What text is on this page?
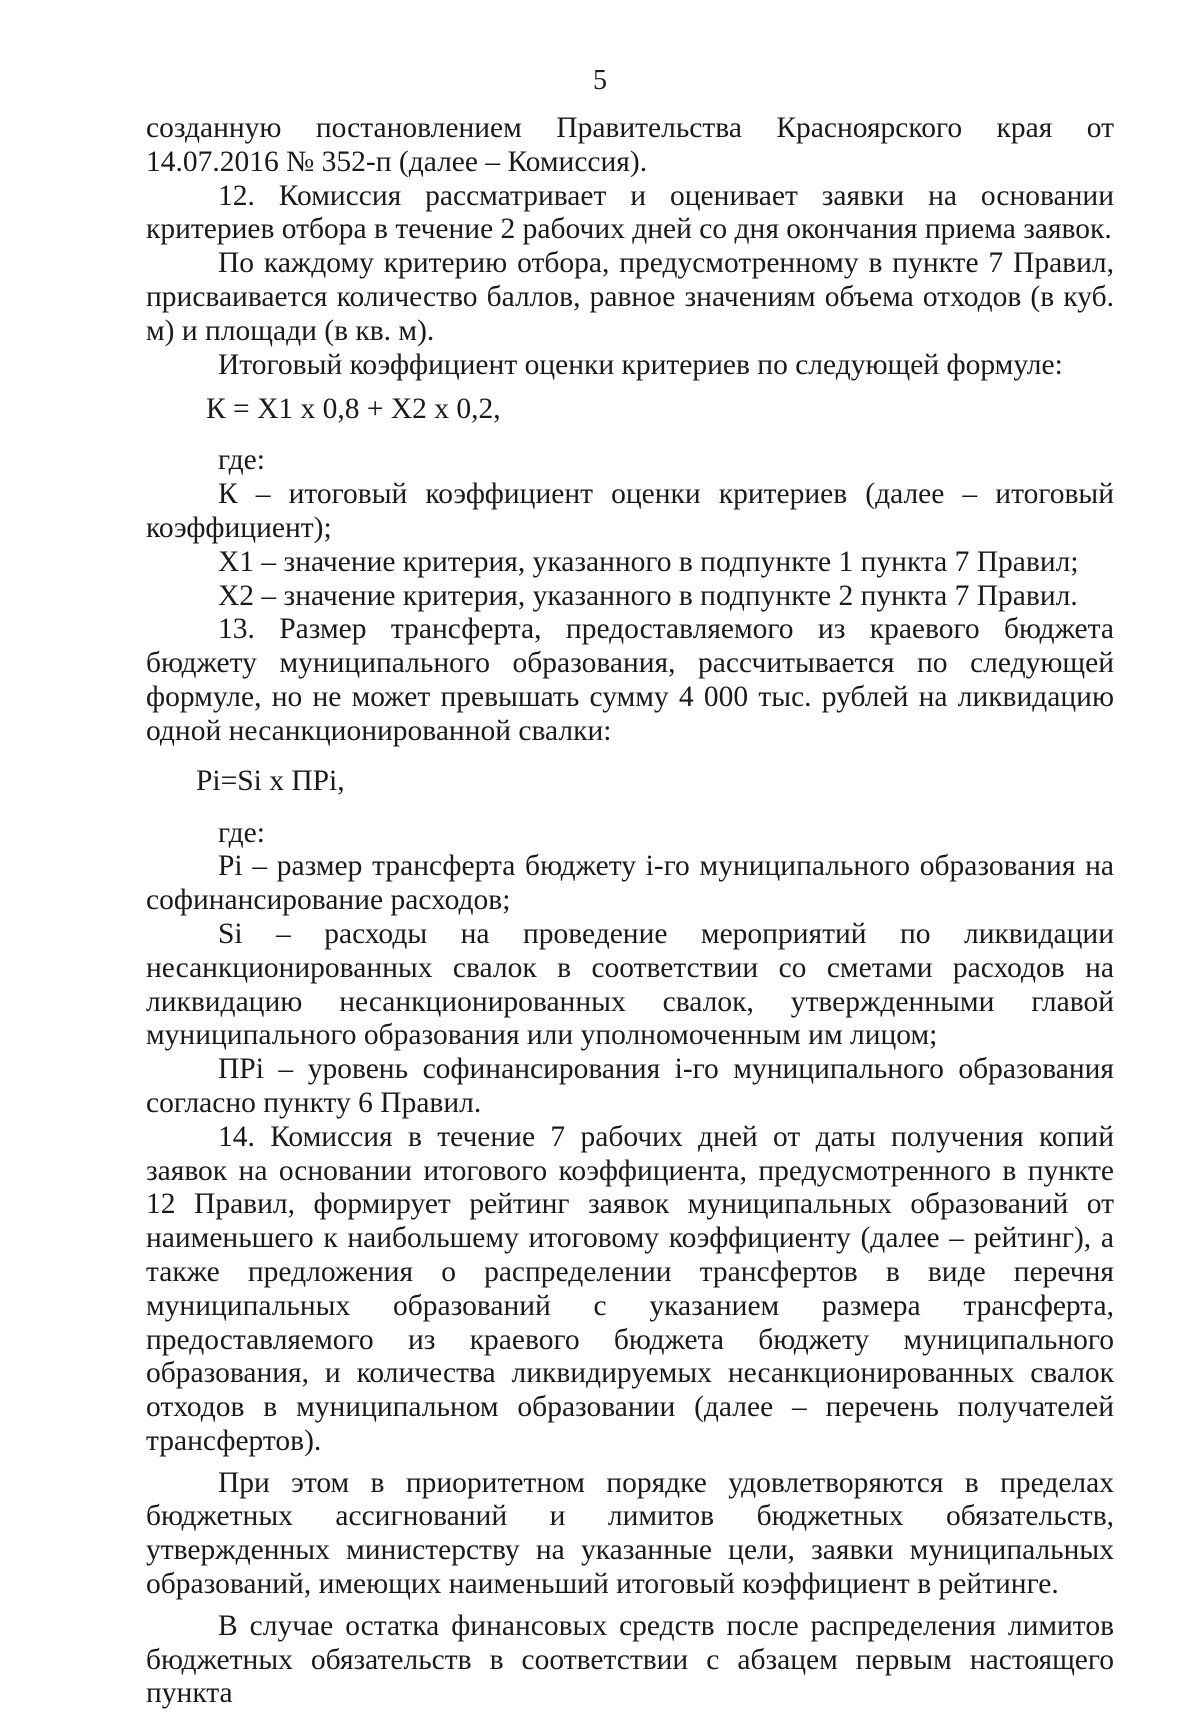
5

созданную постановлением Правительства Красноярского края от 14.07.2016 № 352-п (далее – Комиссия).

12. Комиссия рассматривает и оценивает заявки на основании критериев отбора в течение 2 рабочих дней со дня окончания приема заявок.

По каждому критерию отбора, предусмотренному в пункте 7 Правил, присваивается количество баллов, равное значениям объема отходов (в куб. м) и площади (в кв. м).

Итоговый коэффициент оценки критериев по следующей формуле:

К = Х1 х 0,8 + Х2 х 0,2,

где:

К – итоговый коэффициент оценки критериев (далее – итоговый коэффициент);

Х1 – значение критерия, указанного в подпункте 1 пункта 7 Правил;

Х2 – значение критерия, указанного в подпункте 2 пункта 7 Правил.

13. Размер трансферта, предоставляемого из краевого бюджета бюджету муниципального образования, рассчитывается по следующей формуле, но не может превышать сумму 4 000 тыс. рублей на ликвидацию одной несанкционированной свалки:

Pi=Si х ПPi,

где:

Pi – размер трансферта бюджету i-го муниципального образования на софинансирование расходов;

Si – расходы на проведение мероприятий по ликвидации несанкционированных свалок в соответствии со сметами расходов на ликвидацию несанкционированных свалок, утвержденными главой муниципального образования или уполномоченным им лицом;

ПPi – уровень софинансирования i-го муниципального образования согласно пункту 6 Правил.

14. Комиссия в течение 7 рабочих дней от даты получения копий заявок на основании итогового коэффициента, предусмотренного в пункте 12 Правил, формирует рейтинг заявок муниципальных образований от наименьшего к наибольшему итоговому коэффициенту (далее – рейтинг), а также предложения о распределении трансфертов в виде перечня муниципальных образований с указанием размера трансферта, предоставляемого из краевого бюджета бюджету муниципального образования, и количества ликвидируемых несанкционированных свалок отходов в муниципальном образовании (далее – перечень получателей трансфертов).

При этом в приоритетном порядке удовлетворяются в пределах бюджетных ассигнований и лимитов бюджетных обязательств, утвержденных министерству на указанные цели, заявки муниципальных образований, имеющих наименьший итоговый коэффициент в рейтинге.

В случае остатка финансовых средств после распределения лимитов бюджетных обязательств в соответствии с абзацем первым настоящего пункта
